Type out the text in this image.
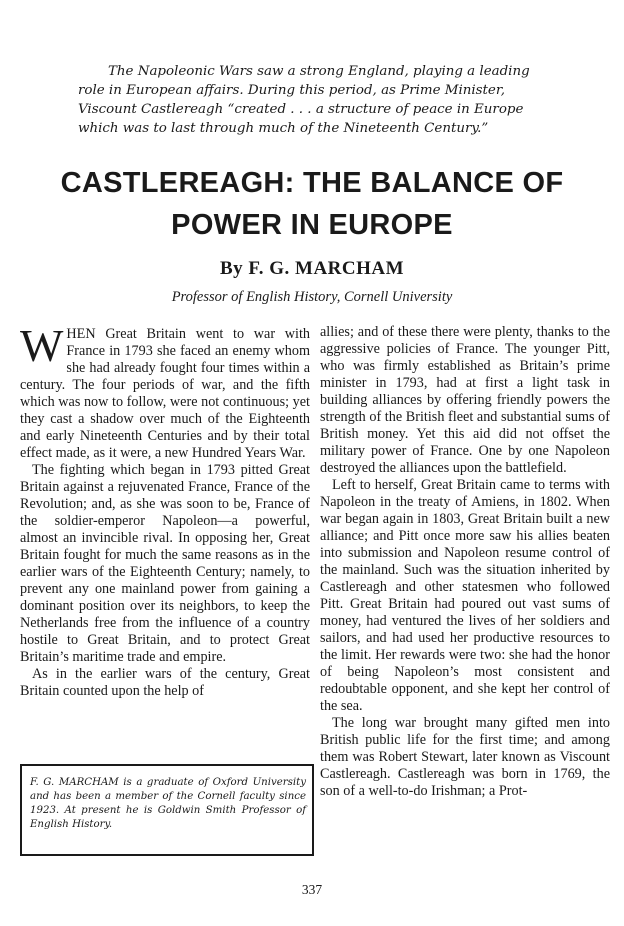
The Napoleonic Wars saw a strong England, playing a leading role in European affairs. During this period, as Prime Minister, Viscount Castlereagh “created . . . a structure of peace in Europe which was to last through much of the Nineteenth Century.”

CASTLEREAGH: THE BALANCE OF POWER IN EUROPE

By F. G. MARCHAM

Professor of English History, Cornell University

WHEN Great Britain went to war with France in 1793 she faced an enemy whom she had already fought four times within a century. The four periods of war, and the fifth which was now to follow, were not continuous; yet they cast a shadow over much of the Eighteenth and early Nineteenth Centuries and by their total effect made, as it were, a new Hundred Years War.

The fighting which began in 1793 pitted Great Britain against a rejuvenated France, France of the Revolution; and, as she was soon to be, France of the soldier-emperor Napoleon—a powerful, almost an invincible rival. In opposing her, Great Britain fought for much the same reasons as in the earlier wars of the Eighteenth Century; namely, to prevent any one mainland power from gaining a dominant position over its neighbors, to keep the Netherlands free from the influence of a country hostile to Great Britain, and to protect Great Britain’s maritime trade and empire.

As in the earlier wars of the century, Great Britain counted upon the help of

F. G. MARCHAM is a graduate of Oxford University and has been a member of the Cornell faculty since 1923. At present he is Goldwin Smith Professor of English History.

allies; and of these there were plenty, thanks to the aggressive policies of France. The younger Pitt, who was firmly established as Britain’s prime minister in 1793, had at first a light task in building alliances by offering friendly powers the strength of the British fleet and substantial sums of British money. Yet this aid did not offset the military power of France. One by one Napoleon destroyed the alliances upon the battlefield.

Left to herself, Great Britain came to terms with Napoleon in the treaty of Amiens, in 1802. When war began again in 1803, Great Britain built a new alliance; and Pitt once more saw his allies beaten into submission and Napoleon resume control of the mainland. Such was the situation inherited by Castlereagh and other statesmen who followed Pitt. Great Britain had poured out vast sums of money, had ventured the lives of her soldiers and sailors, and had used her productive resources to the limit. Her rewards were two: she had the honor of being Napoleon’s most consistent and redoubtable opponent, and she kept her control of the sea.

The long war brought many gifted men into British public life for the first time; and among them was Robert Stewart, later known as Viscount Castlereagh. Castlereagh was born in 1769, the son of a well-to-do Irishman; a Prot-

337
